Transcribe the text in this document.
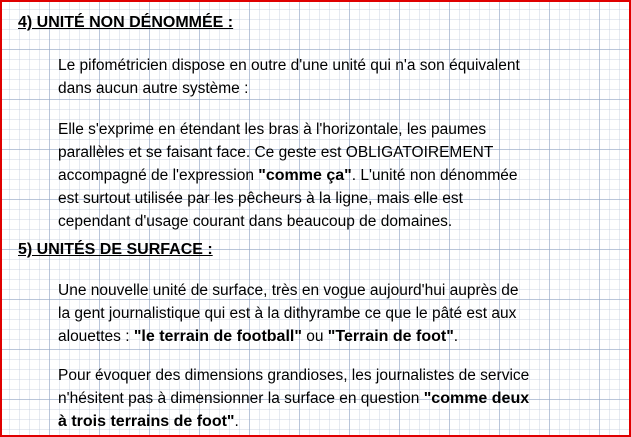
4) UNITÉ NON DÉNOMMÉE :

Le pifométricien dispose en outre d'une unité qui n'a son équivalent
dans aucun autre système :

Elle s'exprime en étendant les bras à l'horizontale, les paumes
parallèles et se faisant face. Ce geste est OBLIGATOIREMENT
accompagné de l'expression "comme ça". L'unité non dénommée
est surtout utilisée par les pêcheurs à la ligne, mais elle est
cependant d'usage courant dans beaucoup de domaines.

5) UNITÉS DE SURFACE :

Une nouvelle unité de surface, très en vogue aujourd'hui auprès de
la gent journalistique qui est à la dithyrambe ce que le pâté est aux
alouettes : "le terrain de football" ou "Terrain de foot".

Pour évoquer des dimensions grandioses, les journalistes de service
n'hésitent pas à dimensionner la surface en question "comme deux
à trois terrains de foot".
